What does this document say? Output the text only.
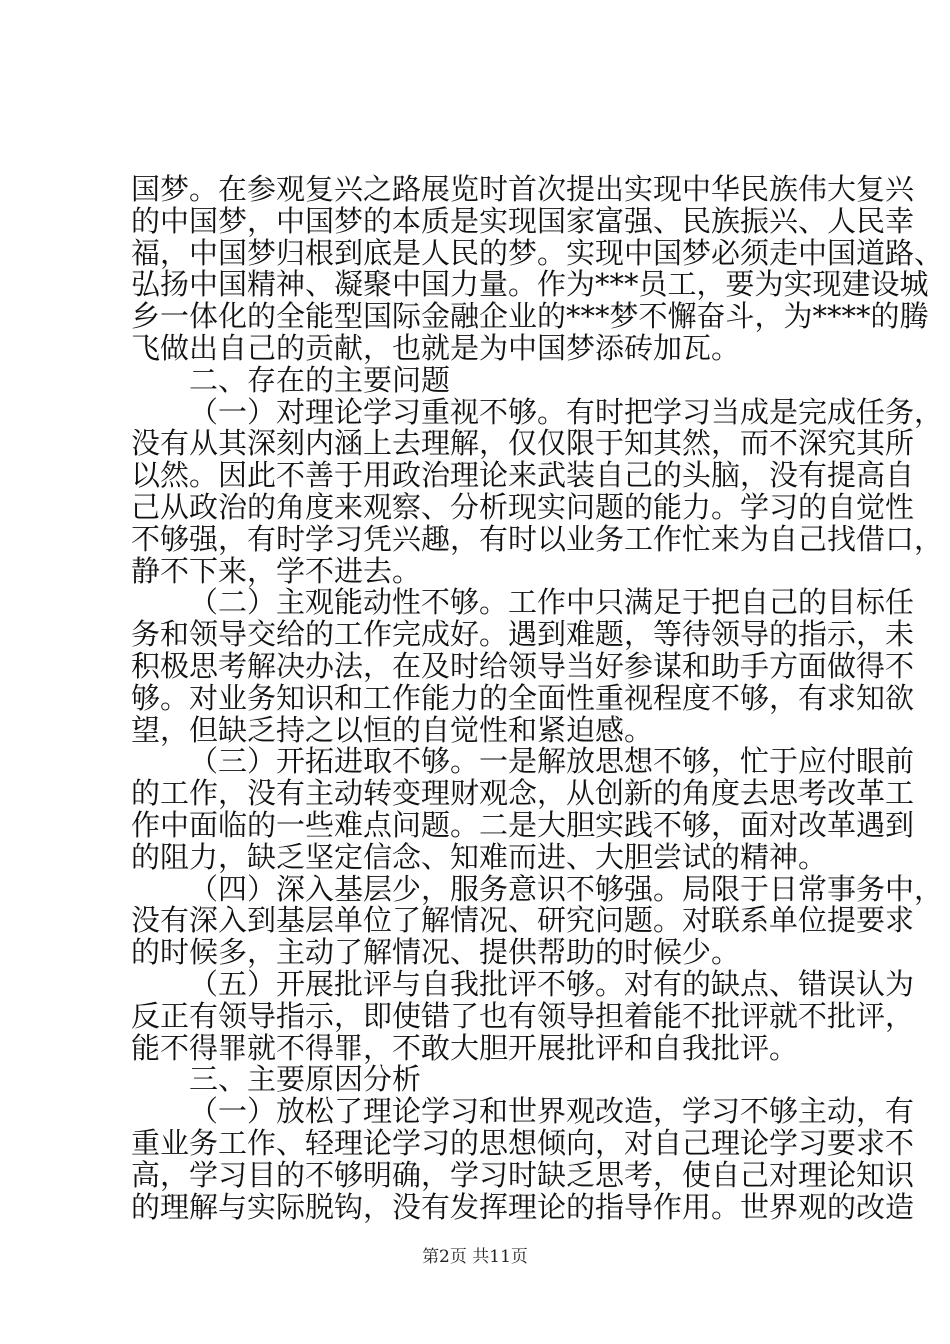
国梦。在参观复兴之路展览时首次提出实现中华民族伟大复兴
的中国梦，中国梦的本质是实现国家富强、民族振兴、人民幸
福，中国梦归根到底是人民的梦。实现中国梦必须走中国道路、
弘扬中国精神、凝聚中国力量。作为***员工，要为实现建设城
乡一体化的全能型国际金融企业的***梦不懈奋斗，为****的腾
飞做出自己的贡献，也就是为中国梦添砖加瓦。
二、存在的主要问题
（一）对理论学习重视不够。有时把学习当成是完成任务，
没有从其深刻内涵上去理解，仅仅限于知其然，而不深究其所
以然。因此不善于用政治理论来武装自己的头脑，没有提高自
己从政治的角度来观察、分析现实问题的能力。学习的自觉性
不够强，有时学习凭兴趣，有时以业务工作忙来为自己找借口，
静不下来，学不进去。
（二）主观能动性不够。工作中只满足于把自己的目标任
务和领导交给的工作完成好。遇到难题，等待领导的指示，未
积极思考解决办法，在及时给领导当好参谋和助手方面做得不
够。对业务知识和工作能力的全面性重视程度不够，有求知欲
望，但缺乏持之以恒的自觉性和紧迫感。
（三）开拓进取不够。一是解放思想不够，忙于应付眼前
的工作，没有主动转变理财观念，从创新的角度去思考改革工
作中面临的一些难点问题。二是大胆实践不够，面对改革遇到
的阻力，缺乏坚定信念、知难而进、大胆尝试的精神。
（四）深入基层少，服务意识不够强。局限于日常事务中，
没有深入到基层单位了解情况、研究问题。对联系单位提要求
的时候多，主动了解情况、提供帮助的时候少。
（五）开展批评与自我批评不够。对有的缺点、错误认为
反正有领导指示，即使错了也有领导担着能不批评就不批评，
能不得罪就不得罪，不敢大胆开展批评和自我批评。
三、主要原因分析
（一）放松了理论学习和世界观改造，学习不够主动，有
重业务工作、轻理论学习的思想倾向，对自己理论学习要求不
高，学习目的不够明确，学习时缺乏思考，使自己对理论知识
的理解与实际脱钩，没有发挥理论的指导作用。世界观的改造
第2页 共11页
